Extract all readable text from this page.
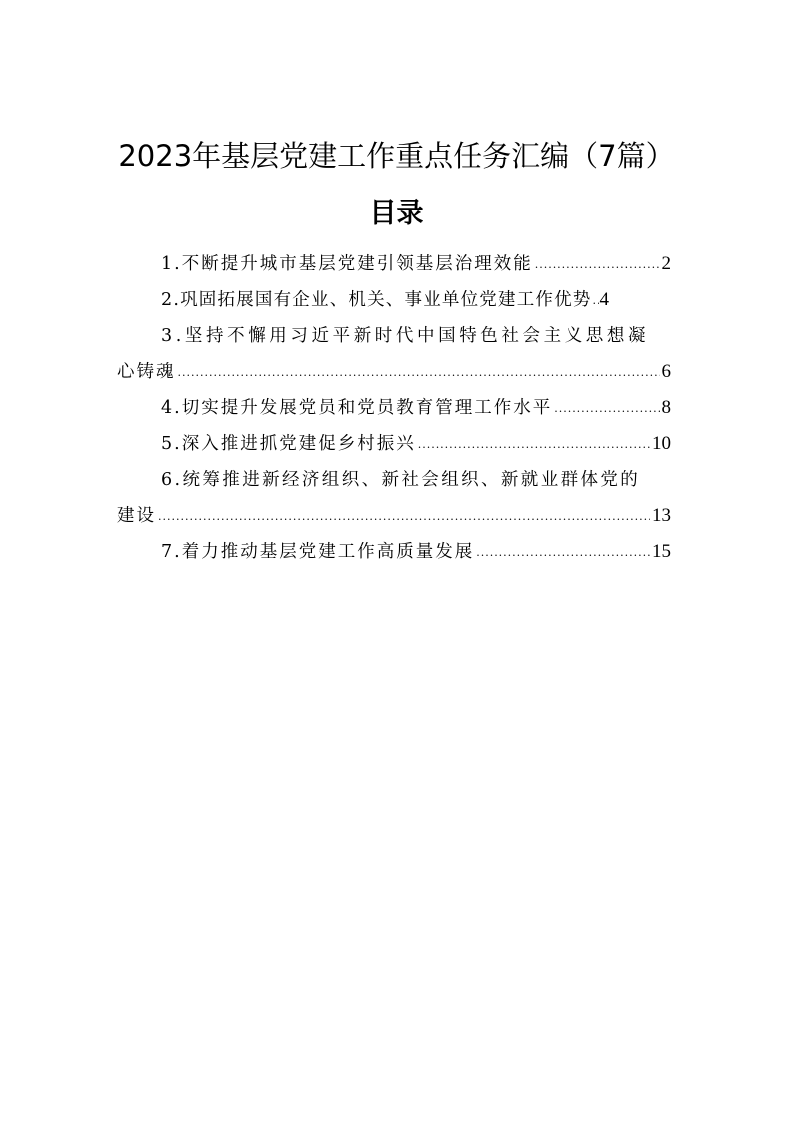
2023年基层党建工作重点任务汇编（7篇）
目录
1.不断提升城市基层党建引领基层治理效能 .....	2
2.巩固拓展国有企业、机关、事业单位党建工作优势 ..... 4
3.坚持不懈用习近平新时代中国特色社会主义思想凝
心铸魂 .....	6
4.切实提升发展党员和党员教育管理工作水平 .....	8
5.深入推进抓党建促乡村振兴 .....	10
6.统筹推进新经济组织、新社会组织、新就业群体党的
建设 .....	13
7.着力推动基层党建工作高质量发展 .....	15
